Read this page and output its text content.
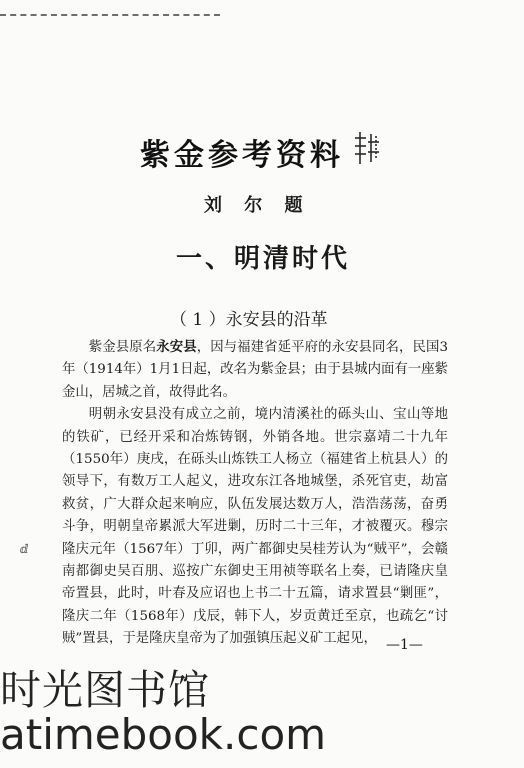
紫金参考资料
刘 尔 题
一、明清时代
（ 1 ）永安县的沿革

紫金县原名永安县，因与福建省延平府的永安县同名，民国3年（1914年）1月1日起，改名为紫金县；由于县城内面有一座紫金山，居城之首，故得此名。

明朝永安县没有成立之前，境内清溪社的砾头山、宝山等地的铁矿，已经开采和冶炼铸钢，外销各地。世宗嘉靖二十九年（1550年）庚戌，在砾头山炼铁工人杨立（福建省上杭县人）的领导下，有数万工人起义，进攻东江各地城堡，杀死官吏，劫富救贫，广大群众起来响应，队伍发展达数万人，浩浩荡荡，奋勇斗争，明朝皇帝累派大军进剿，历时二十三年，才被覆灭。穆宗隆庆元年（1567年）丁卯，两广都御史吴桂芳认为“贼平”，会赣南都御史吴百朋、巡按广东御史王用祯等联名上奏，已请隆庆皇帝置县，此时，叶春及应诏也上书二十五篇，请求置县“剿匪”，隆庆二年（1568年）戊辰，韩下人，岁贡黄迁至京，也疏乞“讨贼”置县，于是隆庆皇帝为了加强镇压起义矿工起见，

ⅆ
—1—
时光图书馆
atimebook.com
